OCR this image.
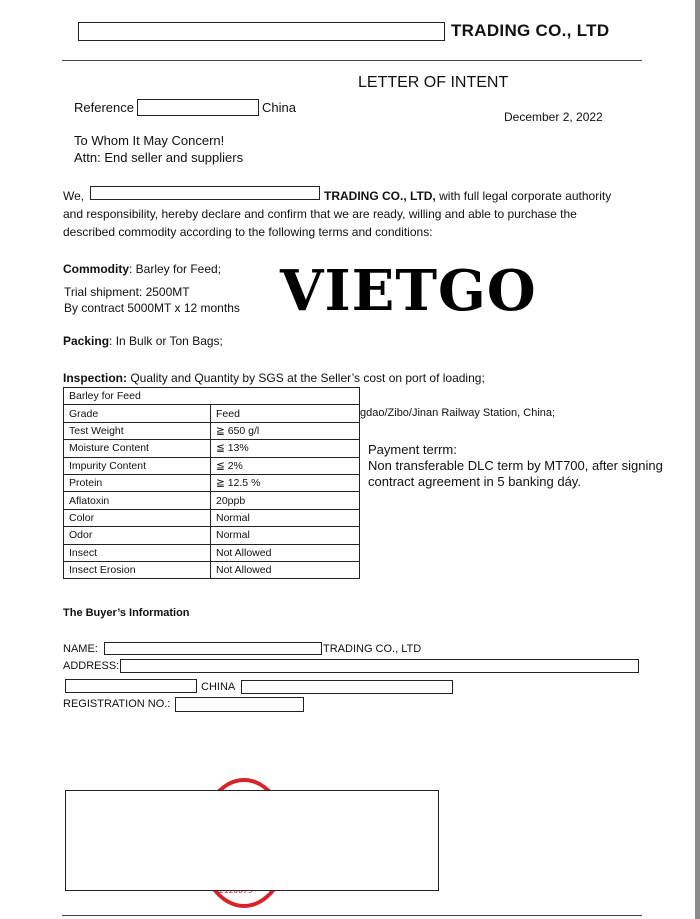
TRADING CO., LTD
LETTER OF INTENT
Reference	China
December 2, 2022
To Whom It May Concern!
Attn: End seller and suppliers
We,	TRADING CO., LTD, with full legal corporate authority
and responsibility, hereby declare and confirm that we are ready, willing and able to purchase the
described commodity according to the following terms and conditions:
Commodity: Barley for Feed;
Trial shipment: 2500MT
By contract 5000MT x 12 months VIETGO
Packing: In Bulk or Ton Bags;
Inspection: Quality and Quantity by SGS at the Seller’s cost on port of loading;
Barley for Feed	
Grade	Feed
Test Weight	≧ 650 g/l
Moisture Content	≦ 13%
Impurity Content	≦ 2%
Protein	≧ 12.5 %
Aflatoxin	20ppb
Color	Normal
Odor	Normal
Insect	Not Allowed
Insect Erosion	Not Allowed
gdao/Zibo/Jinan Railway Station, China;
Payment terrm:
Non transferable DLC term by MT700, after signing
contract agreement in 5 banking dáy.
The Buyer’s Information
NAME:	TRADING CO., LTD
ADDRESS:
CHINA
REGISTRATION NO.:
